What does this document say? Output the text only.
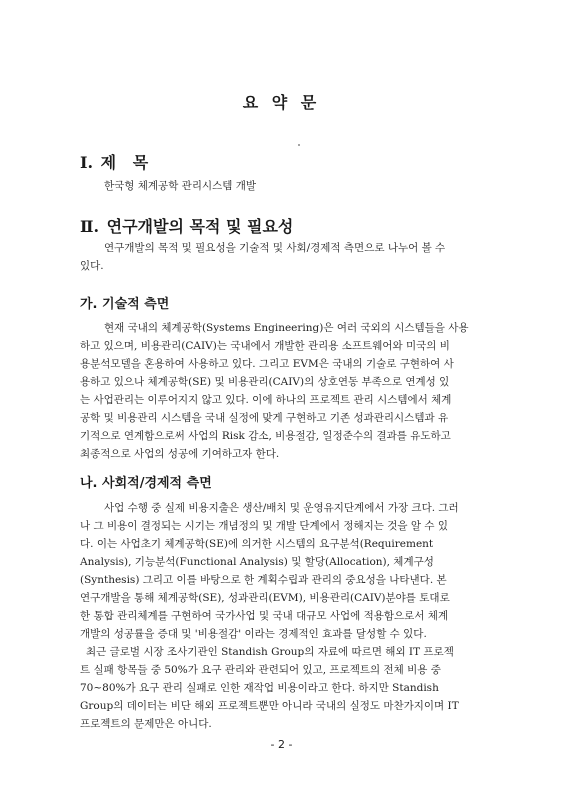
요 약 문
Ⅰ. 제   목
한국형 체계공학 관리시스템 개발
Ⅱ. 연구개발의 목적 및 필요성
연구개발의 목적 및 필요성을 기술적 및 사회/경제적 측면으로 나누어 볼 수
있다.
가. 기술적 측면
현재 국내의 체계공학(Systems Engineering)은 여러 국외의 시스템들을 사용
하고 있으며, 비용관리(CAIV)는 국내에서 개발한 관리용 소프트웨어와 미국의 비
용분석모델을 혼용하여 사용하고 있다. 그리고 EVM은 국내의 기술로 구현하여 사
용하고 있으나 체계공학(SE) 및 비용관리(CAIV)의 상호연동 부족으로 연계성 있
는 사업관리는 이루어지지 않고 있다. 이에 하나의 프로젝트 관리 시스템에서 체계
공학 및 비용관리 시스템을 국내 실정에 맞게 구현하고 기존 성과관리시스템과 유
기적으로 연계함으로써 사업의 Risk 감소, 비용절감, 일정준수의 결과를 유도하고
최종적으로 사업의 성공에 기여하고자 한다.
나. 사회적/경제적 측면
사업 수행 중 실제 비용지출은 생산/배치 및 운영유지단계에서 가장 크다. 그러
나 그 비용이 결정되는 시기는 개념정의 및 개발 단계에서 정해지는 것을 알 수 있
다. 이는 사업초기 체계공학(SE)에 의거한 시스템의 요구분석(Requirement
Analysis), 기능분석(Functional Analysis) 및 할당(Allocation), 체계구성
(Synthesis) 그리고 이를 바탕으로 한 계획수립과 관리의 중요성을 나타낸다. 본
연구개발을 통해 체계공학(SE), 성과관리(EVM), 비용관리(CAIV)분야를 토대로
한 통합 관리체계를 구현하여 국가사업 및 국내 대규모 사업에 적용함으로서 체계
개발의 성공률을 증대 및 '비용절감' 이라는 경제적인 효과를 달성할 수 있다.
최근 글로벌 시장 조사기관인 Standish Group의 자료에 따르면 해외 IT 프로젝
트 실패 항목들 중 50%가 요구 관리와 관련되어 있고, 프로젝트의 전체 비용 중
70~80%가 요구 관리 실패로 인한 재작업 비용이라고 한다. 하지만 Standish
Group의 데이터는 비단 해외 프로젝트뿐만 아니라 국내의 실정도 마찬가지이며 IT
프로젝트의 문제만은 아니다.
- 2 -
